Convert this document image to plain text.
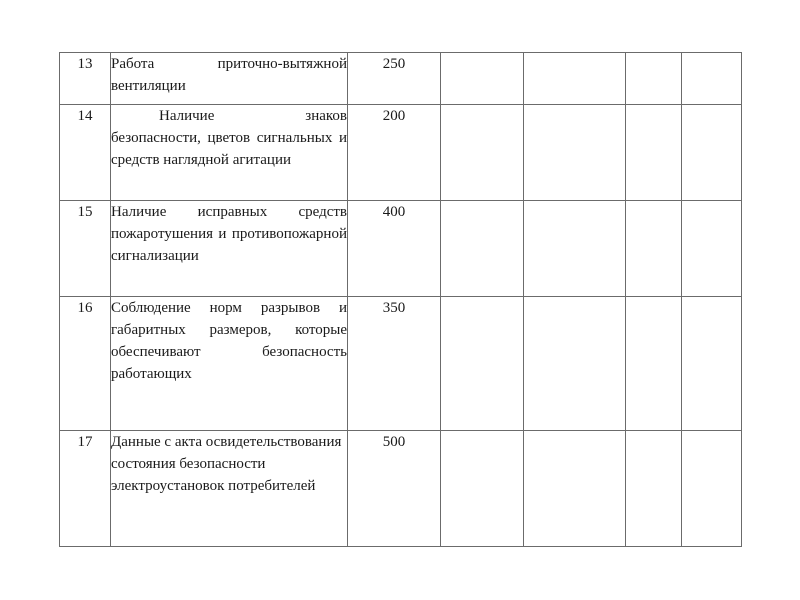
13	Работа приточно-вытяжной вентиляции	250				
14	Наличие знаков безопасности, цветов сигнальных и средств наглядной агитации	200				
15	Наличие исправных средств пожаротушения и противопожарной сигнализации	400				
16	Соблюдение норм разрывов и габаритных размеров, которые обеспечивают безопасность работающих	350				
17	Данные с акта освидетельствования состояния безопасности электроустановок потребителей	500				
